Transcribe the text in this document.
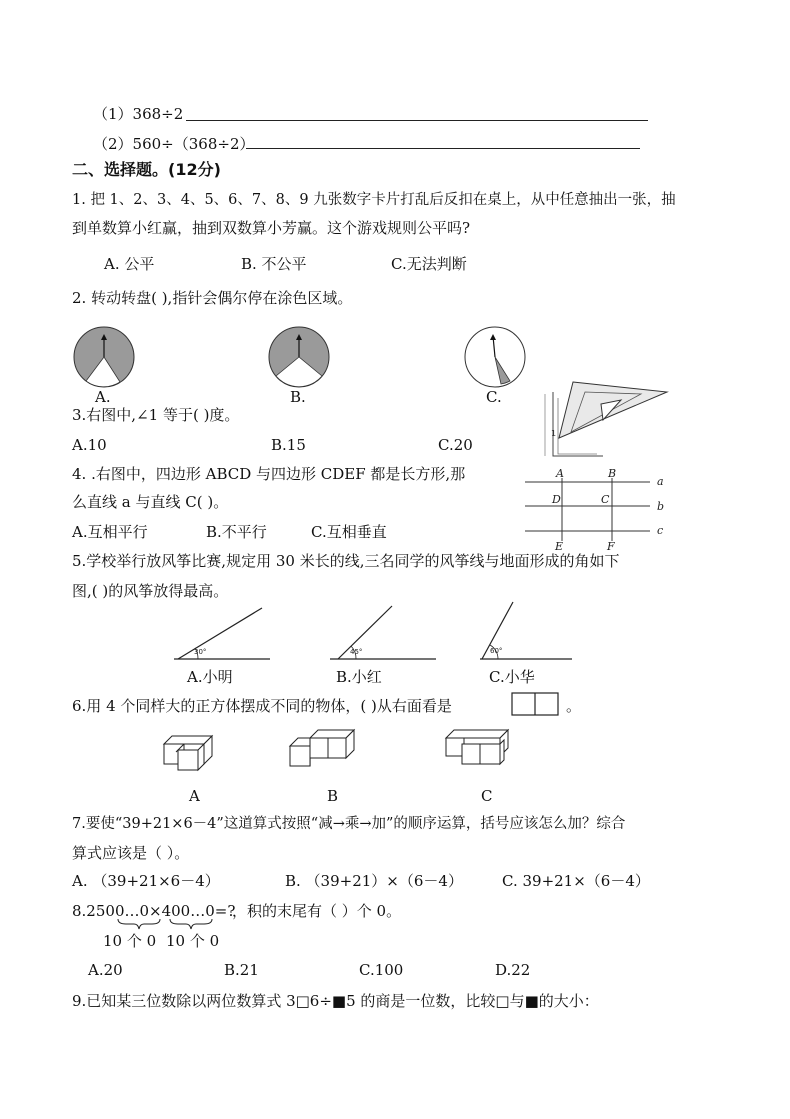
（1）368÷2
（2）560÷（368÷2）
二、选择题。(12分)
1. 把 1、2、3、4、5、6、7、8、9 九张数字卡片打乱后反扣在桌上，从中任意抽出一张，抽
到单数算小红赢，抽到双数算小芳赢。这个游戏规则公平吗?
A. 公平	B. 不公平	C.无法判断
2. 转动转盘( ),指针会偶尔停在涂色区域。
A.	B.	C.
3.右图中,∠1 等于( )度。
A.10	B.15	C.20
1
4. .右图中，四边形 ABCD 与四边形 CDEF 都是长方形,那
么直线 a 与直线 C( )。
A.互相平行	B.不平行	C.互相垂直
A	B
D	C
E	F
a
b
c
5.学校举行放风筝比赛,规定用 30 米长的线,三名同学的风筝线与地面形成的角如下
图,( )的风筝放得最高。
30°	45°	60°
A.小明	B.小红	C.小华
6.用 4 个同样大的正方体摆成不同的物体，( )从右面看是	。
A	B	C
7.要使“39+21×6－4”这道算式按照“减→乘→加”的顺序运算，括号应该怎么加？综合
算式应该是（ ）。
A. （39+21×6－4）	B. （39+21）×（6－4）	C. 39+21×（6－4）
8.2500…0×400…0=?
，积的末尾有（ ）个 0。
10 个 0 10 个 0
A.20	B.21	C.100	D.22
9.已知某三位数除以两位数算式 3□6÷■5 的商是一位数，比较□与■的大小：
